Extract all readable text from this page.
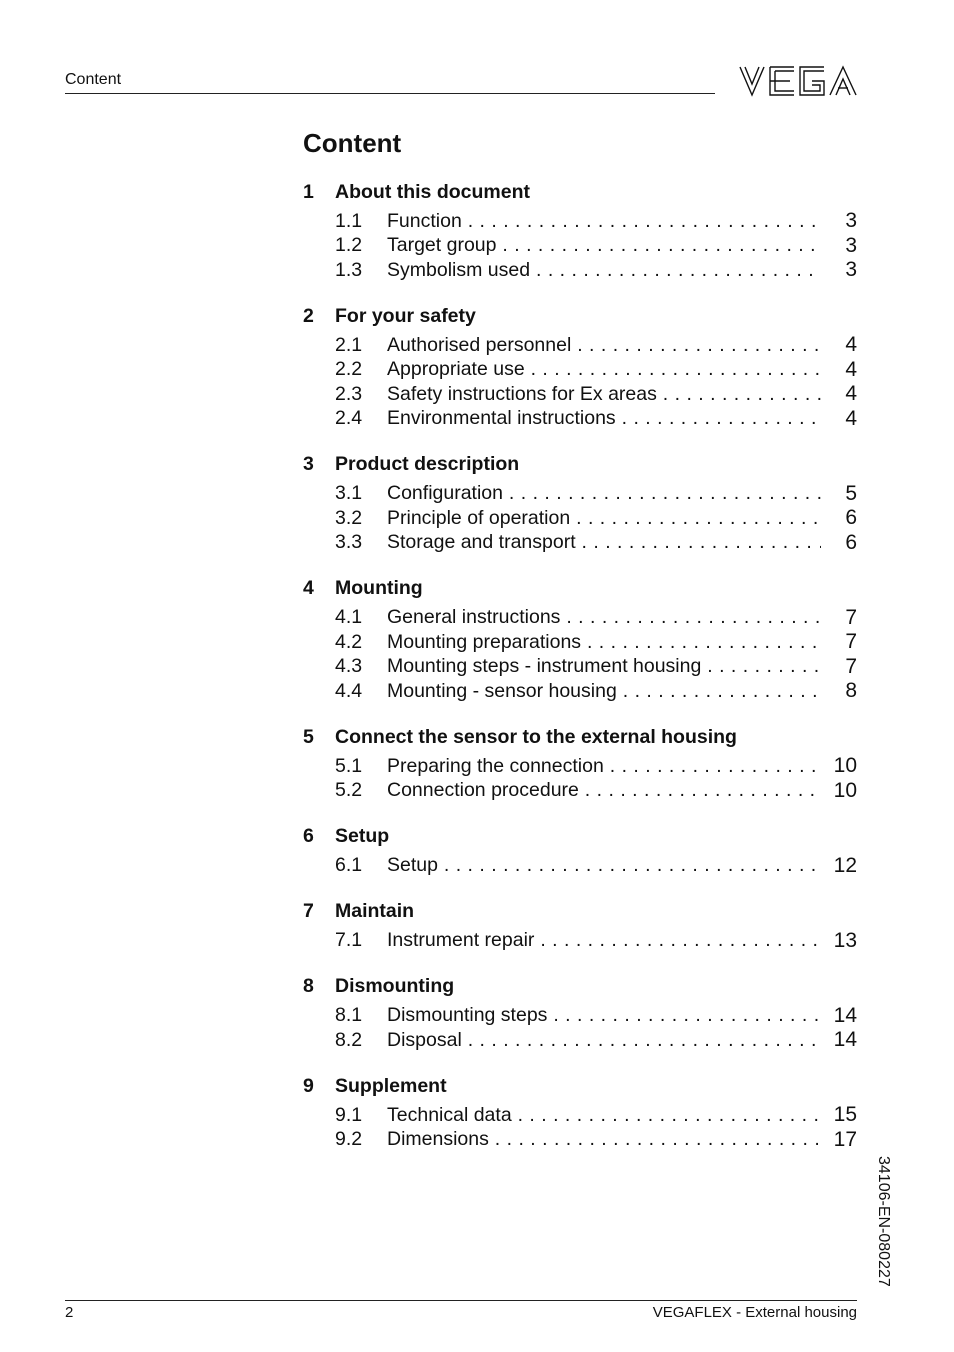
Content
Content
1	About this document
1.1	Function . . .	3
1.2	Target group . . .	3
1.3	Symbolism used . . .	3
2	For your safety
2.1	Authorised personnel . . .	4
2.2	Appropriate use . . .	4
2.3	Safety instructions for Ex areas . . .	4
2.4	Environmental instructions . . .	4
3	Product description
3.1	Configuration . . .	5
3.2	Principle of operation . . .	6
3.3	Storage and transport . . .	6
4	Mounting
4.1	General instructions . . .	7
4.2	Mounting preparations . . .	7
4.3	Mounting steps - instrument housing . . .	7
4.4	Mounting - sensor housing . . .	8
5	Connect the sensor to the external housing
5.1	Preparing the connection . . .	10
5.2	Connection procedure . . .	10
6	Setup
6.1	Setup . . .	12
7	Maintain
7.1	Instrument repair . . .	13
8	Dismounting
8.1	Dismounting steps . . .	14
8.2	Disposal . . .	14
9	Supplement
9.1	Technical data . . .	15
9.2	Dimensions . . .	17
34106-EN-080227
2	VEGAFLEX - External housing
